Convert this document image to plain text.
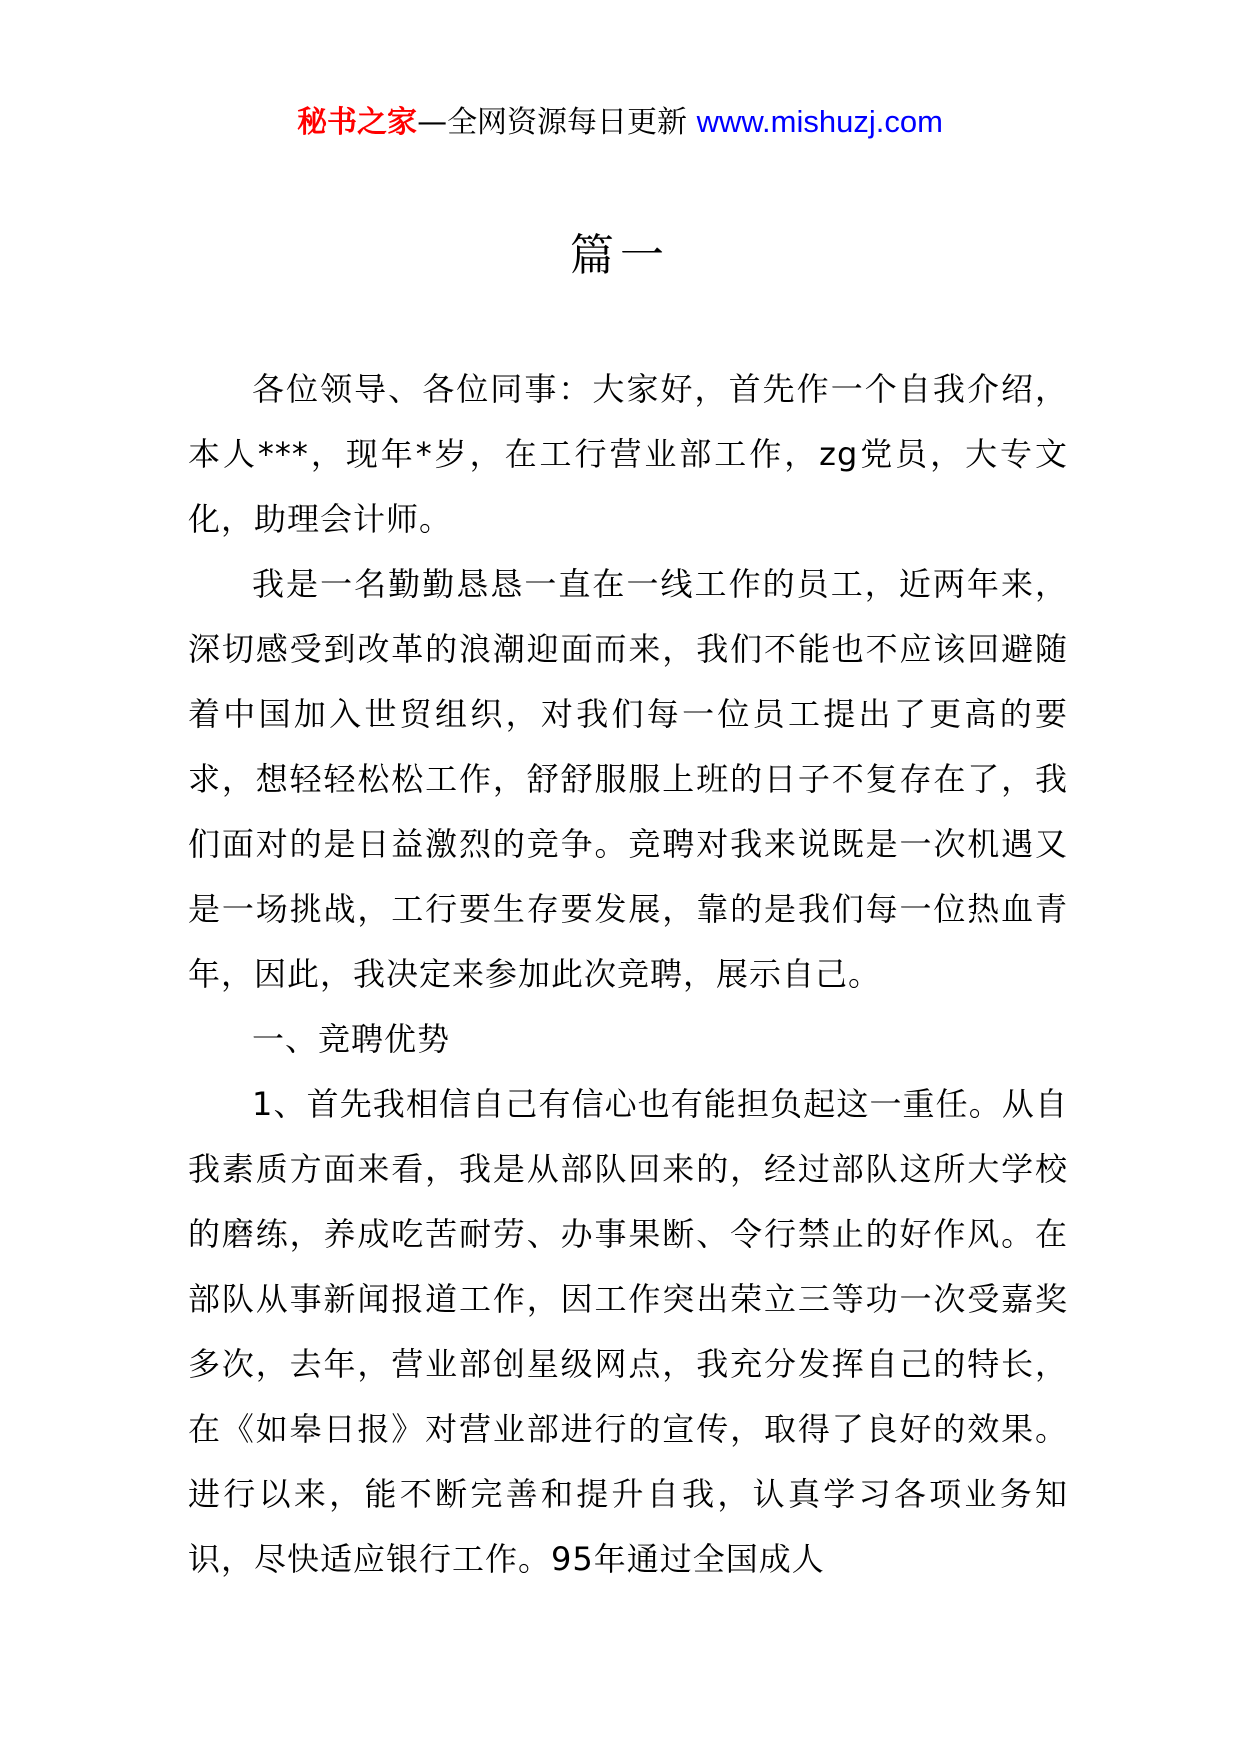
秘书之家—全网资源每日更新 www.mishuzj.com
篇一

各位领导、各位同事：大家好，首先作一个自我介绍，本人***，现年*岁，在工行营业部工作，zg党员，大专文化，助理会计师。

我是一名勤勤恳恳一直在一线工作的员工，近两年来，深切感受到改革的浪潮迎面而来，我们不能也不应该回避随着中国加入世贸组织，对我们每一位员工提出了更高的要求，想轻轻松松工作，舒舒服服上班的日子不复存在了，我们面对的是日益激烈的竞争。竞聘对我来说既是一次机遇又是一场挑战，工行要生存要发展，靠的是我们每一位热血青年，因此，我决定来参加此次竞聘，展示自己。

一、竞聘优势

1、首先我相信自己有信心也有能担负起这一重任。从自我素质方面来看，我是从部队回来的，经过部队这所大学校的磨练，养成吃苦耐劳、办事果断、令行禁止的好作风。在部队从事新闻报道工作，因工作突出荣立三等功一次受嘉奖多次，去年，营业部创星级网点，我充分发挥自己的特长，在《如皋日报》对营业部进行的宣传，取得了良好的效果。进行以来，能不断完善和提升自我，认真学习各项业务知识，尽快适应银行工作。95年通过全国成人
